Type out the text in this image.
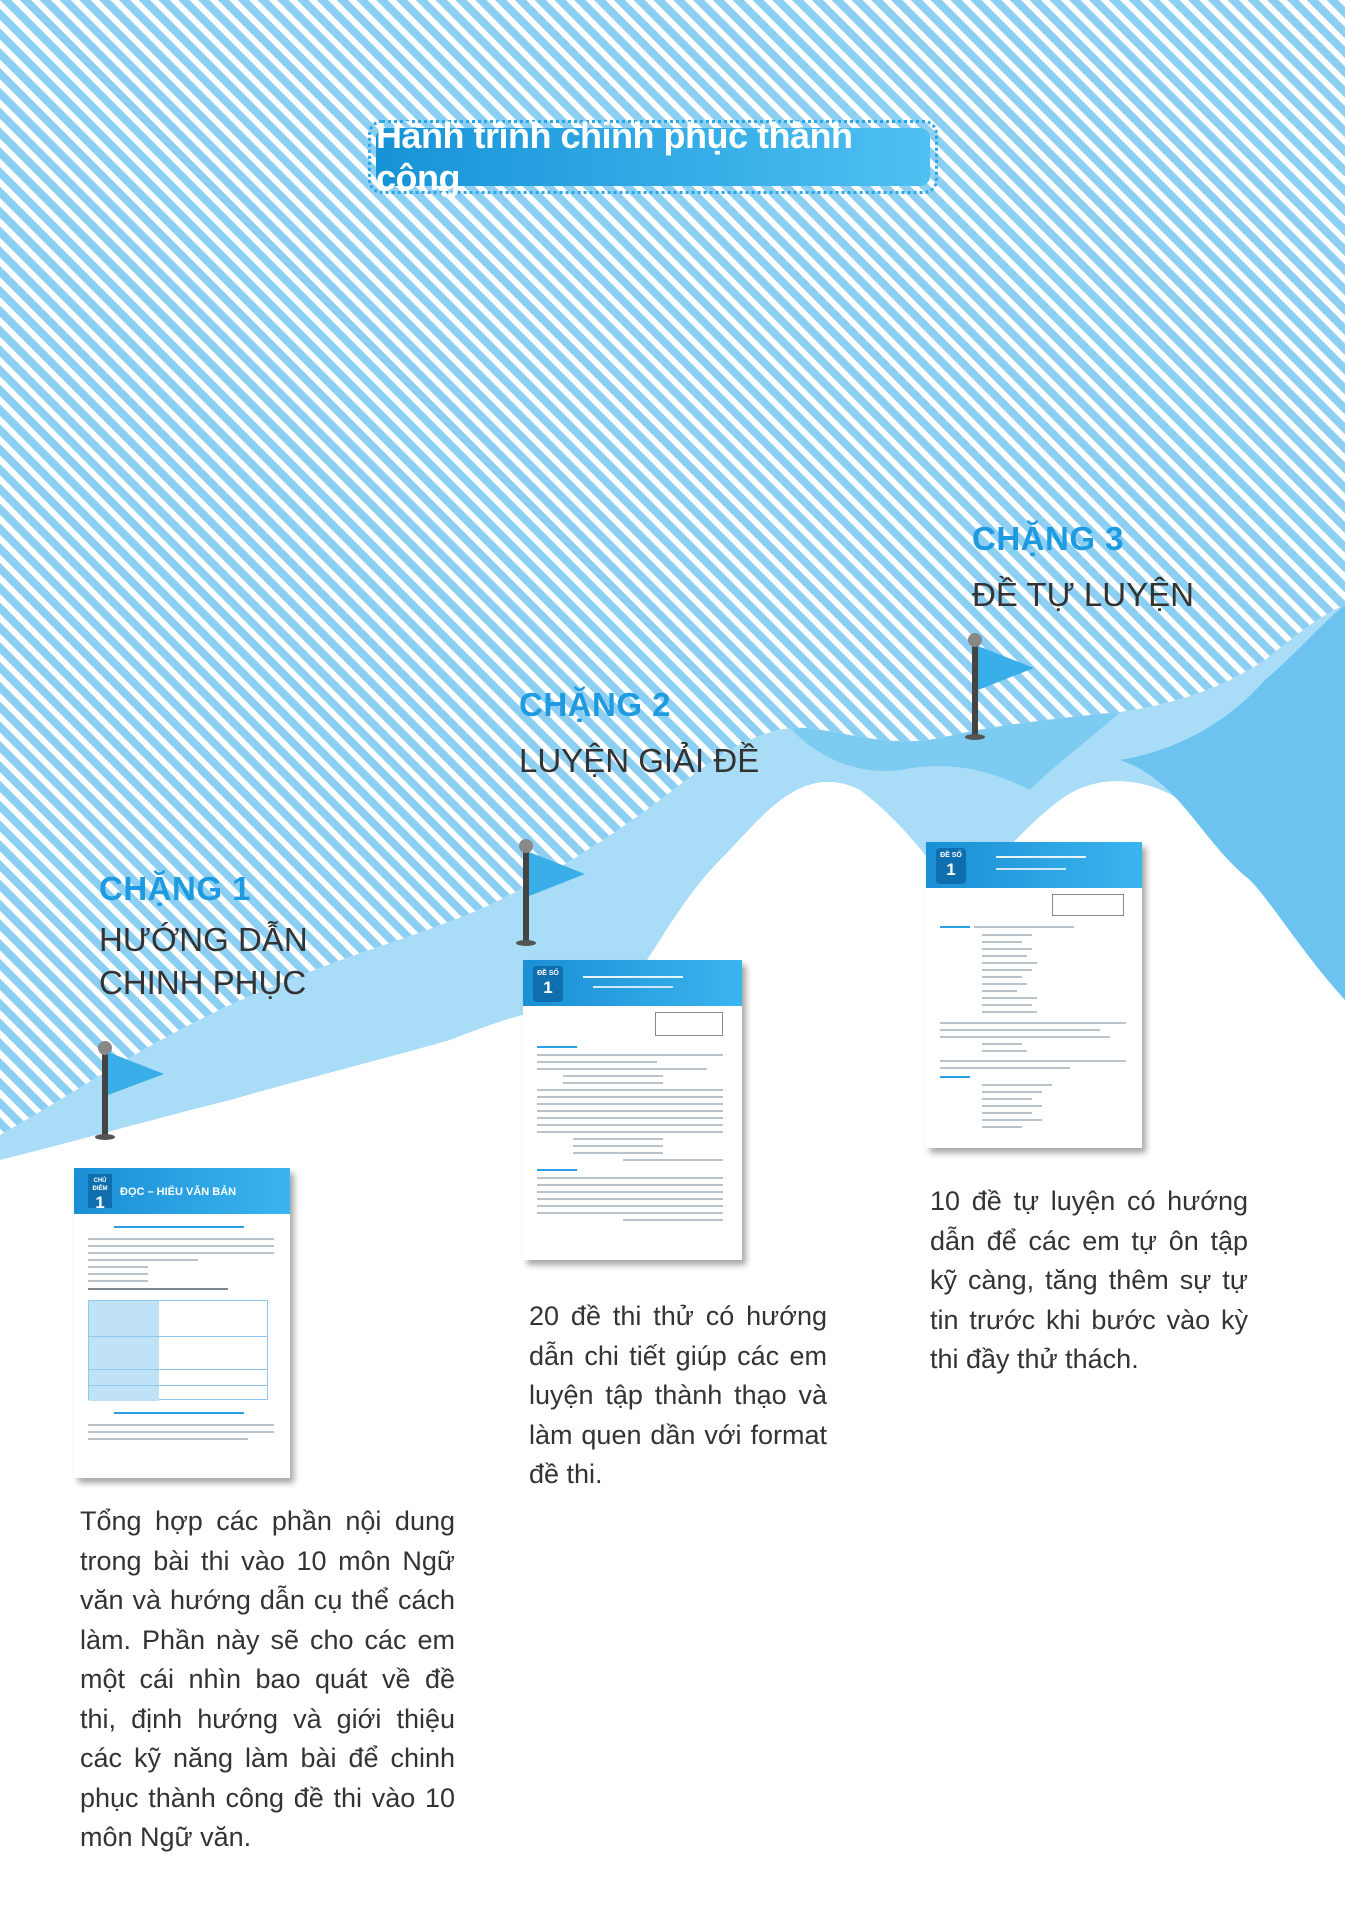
Hành trình chinh phục thành công
CHẶNG 3
ĐỀ TỰ LUYỆN
CHẶNG 2
LUYỆN GIẢI ĐỀ
CHẶNG 1
HƯỚNG DẪN
CHINH PHỤC
CHỦ ĐIỂM
1
ĐỌC – HIỂU VĂN BẢN
ĐỀ SỐ
1
ĐỀ SỐ
1
Tổng hợp các phần nội dung trong bài thi vào 10 môn Ngữ văn và hướng dẫn cụ thể cách làm. Phần này sẽ cho các em một cái nhìn bao quát về đề thi, định hướng và giới thiệu các kỹ năng làm bài để chinh phục thành công đề thi vào 10 môn Ngữ văn.
20 đề thi thử có hướng dẫn chi tiết giúp các em luyện tập thành thạo và làm quen dần với format đề thi.
10 đề tự luyện có hướng dẫn để các em tự ôn tập kỹ càng, tăng thêm sự tự tin trước khi bước vào kỳ thi đầy thử thách.
